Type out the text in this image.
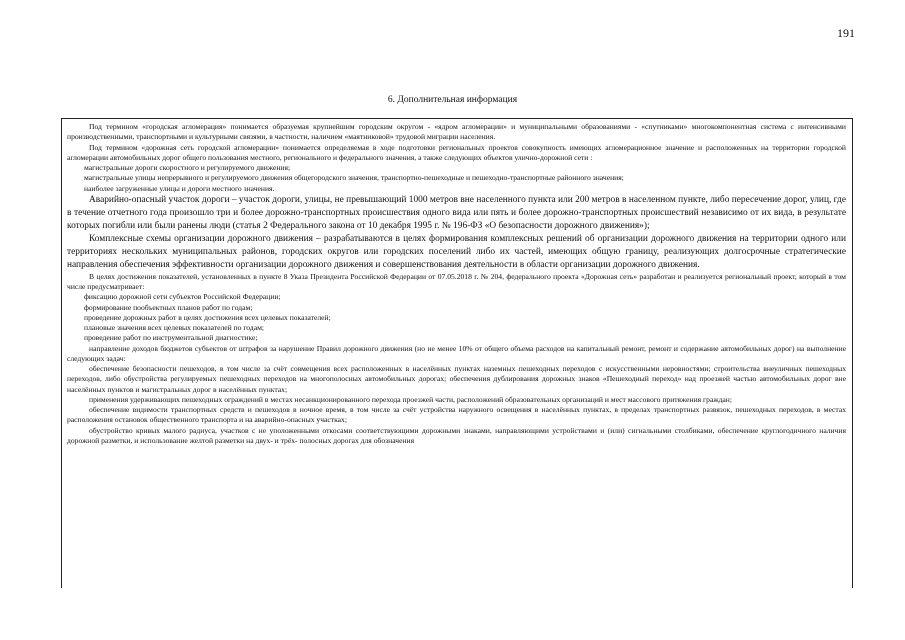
191
6. Дополнительная информация

Под термином «городская агломерация» понимается образуемая крупнейшим городским округом - «ядром агломерации» и муниципальными образованиями - «спутниками» многокомпонентная система с интенсивными производственными, транспортными и культурными связями, в частности, наличием «маятниковой» трудовой миграции населения.

Под термином «дорожная сеть городской агломерации» понимается определяемая в ходе подготовки региональных проектов совокупность имеющих агломерационное значение и расположенных на территории городской агломерации автомобильных дорог общего пользования местного, регионального и федерального значения, а также следующих объектов улично-дорожной сети :

магистральные дороги скоростного и регулируемого движения;

магистральные улицы непрерывного и регулируемого движения общегородского значения, транспортно-пешеходные и пешеходно-транспортные районного значения;

наиболее загруженные улицы и дороги местного значения.

Аварийно-опасный участок дороги – участок дороги, улицы, не превышающий 1000 метров вне населенного пункта или 200 метров в населенном пункте, либо пересечение дорог, улиц, где в течение отчетного года произошло три и более дорожно-транспортных происшествия одного вида или пять и более дорожно-транспортных происшествий независимо от их вида, в результате которых погибли или были ранены люди (статья 2 Федерального закона от 10 декабря 1995 г. № 196-ФЗ «О безопасности дорожного движения»);

Комплексные схемы организации дорожного движения – разрабатываются в целях формирования комплексных решений об организации дорожного движения на территории одного или территориях нескольких муниципальных районов, городских округов или городских поселений либо их частей, имеющих общую границу, реализующих долгосрочные стратегические направления обеспечения эффективности организации дорожного движения и совершенствования деятельности в области организации дорожного движения.

В целях достижения показателей, установленных в пункте 8 Указа Президента Российской Федерации от 07.05.2018 г. № 204, федерального проекта «Дорожная сеть» разработан и реализуется региональный проект, который в том числе предусматривает:

фиксацию дорожной сети субъектов Российской Федерации;

формирование пообъектных планов работ по годам;

проведение дорожных работ в целях достижения всех целевых показателей;

плановые значения всех целевых показателей по годам;

проведение работ по инструментальной диагностике;

направление доходов бюджетов субъектов от штрафов за нарушение Правил дорожного движения (но не менее 10% от общего объема расходов на капитальный ремонт, ремонт и содержание автомобильных дорог) на выполнение следующих задач:

обеспечение безопасности пешеходов, в том числе за счёт совмещения всех расположенных в населённых пунктах наземных пешеходных переходов с искусственными неровностями; строительства внеуличных пешеходных переходов, либо обустройства регулируемых пешеходных переходов на многополосных автомобильных дорогах; обеспечения дублирования дорожных знаков «Пешеходный переход» над проезжей частью автомобильных дорог вне населённых пунктов и магистральных дорог в населённых пунктах;

применения удерживающих пешеходных ограждений в местах несанкционированного перехода проезжей части, расположений образовательных организаций и мест массового притяжения граждан;

обеспечение видимости транспортных средств и пешеходов в ночное время, в том числе за счёт устройства наружного освещения в населённых пунктах, в пределах транспортных развязок, пешеходных переходов, в местах расположения остановок общественного транспорта и на аварийно-опасных участках;

обустройство кривых малого радиуса, участков с не уположенными откосами соответствующими дорожными знаками, направляющими устройствами и (или) сигнальными столбиками, обеспечение круглогодичного наличия дорожной разметки, и использование желтой разметки на двух- и трёх- полосных дорогах для обозначения
